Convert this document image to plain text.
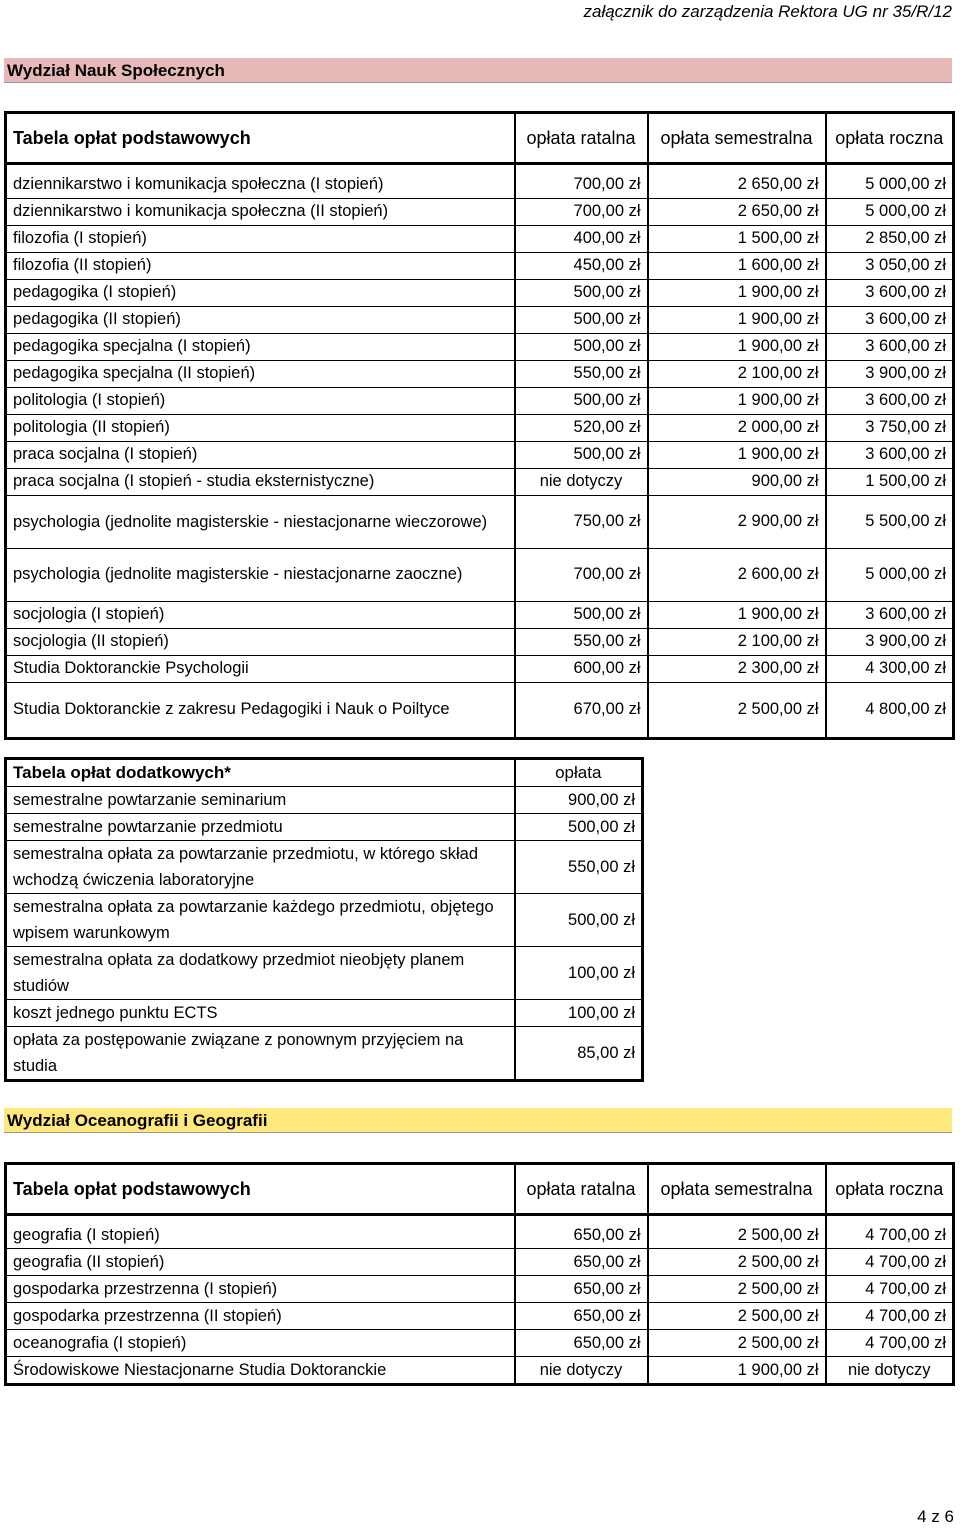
załącznik do zarządzenia Rektora UG nr 35/R/12
Wydział Nauk Społecznych
Tabela opłat podstawowych	opłata ratalna	opłata semestralna	opłata roczna

dziennikarstwo i komunikacja społeczna (I stopień)	700,00 zł	2 650,00 zł	5 000,00 zł
dziennikarstwo i komunikacja społeczna (II stopień)	700,00 zł	2 650,00 zł	5 000,00 zł
filozofia (I stopień)	400,00 zł	1 500,00 zł	2 850,00 zł
filozofia (II stopień)	450,00 zł	1 600,00 zł	3 050,00 zł
pedagogika (I stopień)	500,00 zł	1 900,00 zł	3 600,00 zł
pedagogika (II stopień)	500,00 zł	1 900,00 zł	3 600,00 zł
pedagogika specjalna (I stopień)	500,00 zł	1 900,00 zł	3 600,00 zł
pedagogika specjalna (II stopień)	550,00 zł	2 100,00 zł	3 900,00 zł
politologia (I stopień)	500,00 zł	1 900,00 zł	3 600,00 zł
politologia (II stopień)	520,00 zł	2 000,00 zł	3 750,00 zł
praca socjalna (I stopień)	500,00 zł	1 900,00 zł	3 600,00 zł
praca socjalna (I stopień - studia eksternistyczne)	nie dotyczy	900,00 zł	1 500,00 zł
psychologia (jednolite magisterskie - niestacjonarne wieczorowe)	750,00 zł	2 900,00 zł	5 500,00 zł
psychologia (jednolite magisterskie - niestacjonarne zaoczne)	700,00 zł	2 600,00 zł	5 000,00 zł
socjologia (I stopień)	500,00 zł	1 900,00 zł	3 600,00 zł
socjologia (II stopień)	550,00 zł	2 100,00 zł	3 900,00 zł
Studia Doktoranckie Psychologii	600,00 zł	2 300,00 zł	4 300,00 zł
Studia Doktoranckie z zakresu Pedagogiki i Nauk o Poiltyce	670,00 zł	2 500,00 zł	4 800,00 zł
Tabela opłat dodatkowych*	opłata
semestralne powtarzanie seminarium	900,00 zł
semestralne powtarzanie przedmiotu	500,00 zł
semestralna opłata za powtarzanie przedmiotu, w którego skład wchodzą ćwiczenia laboratoryjne	550,00 zł
semestralna opłata za powtarzanie każdego przedmiotu, objętego wpisem warunkowym	500,00 zł
semestralna opłata za dodatkowy przedmiot nieobjęty planem studiów	100,00 zł
koszt jednego punktu ECTS	100,00 zł
opłata za postępowanie związane z ponownym przyjęciem na studia	85,00 zł
Wydział Oceanografii i Geografii
Tabela opłat podstawowych	opłata ratalna	opłata semestralna	opłata roczna

geografia (I stopień)	650,00 zł	2 500,00 zł	4 700,00 zł
geografia (II stopień)	650,00 zł	2 500,00 zł	4 700,00 zł
gospodarka przestrzenna (I stopień)	650,00 zł	2 500,00 zł	4 700,00 zł
gospodarka przestrzenna (II stopień)	650,00 zł	2 500,00 zł	4 700,00 zł
oceanografia (I stopień)	650,00 zł	2 500,00 zł	4 700,00 zł
Środowiskowe Niestacjonarne Studia Doktoranckie	nie dotyczy	1 900,00 zł	nie dotyczy
4 z 6
